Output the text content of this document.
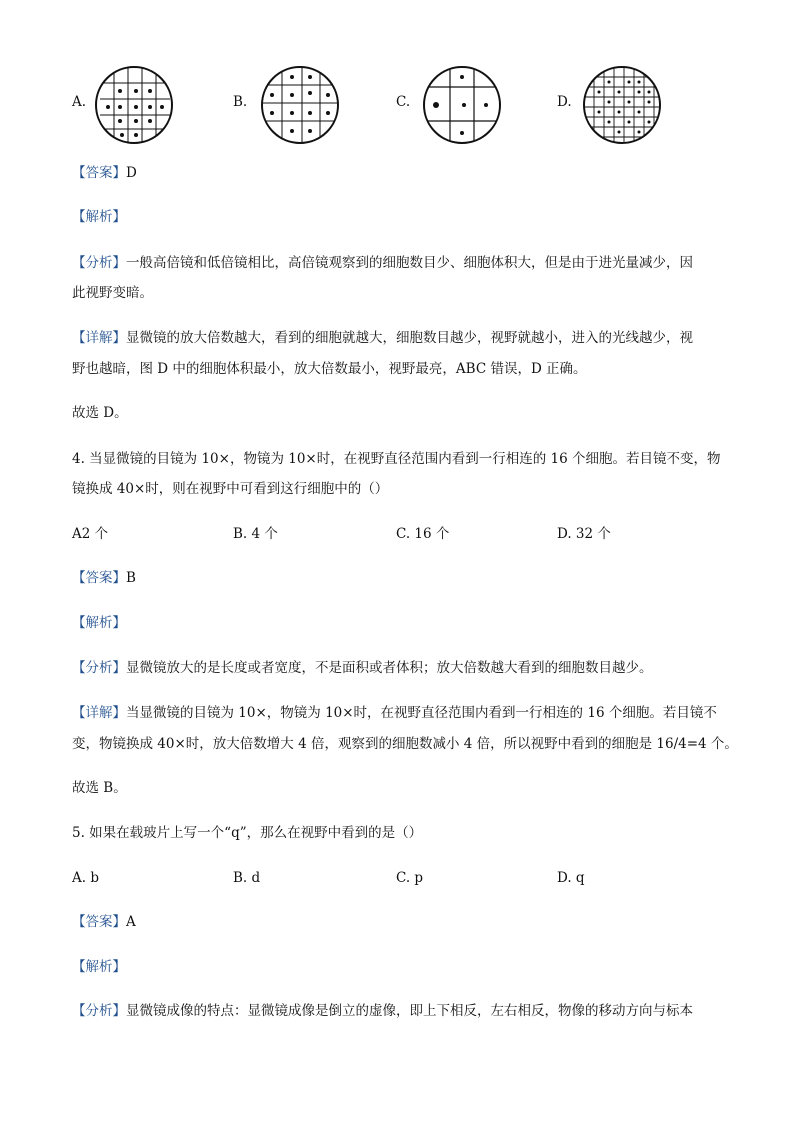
A.	B.	C.	D.
【答案】D
【解析】
【分析】一般高倍镜和低倍镜相比，高倍镜观察到的细胞数目少、细胞体积大，但是由于进光量减少，因
此视野变暗。
【详解】显微镜的放大倍数越大，看到的细胞就越大，细胞数目越少，视野就越小，进入的光线越少，视
野也越暗，图 D 中的细胞体积最小，放大倍数最小，视野最亮，ABC 错误，D 正确。
故选 D。
4. 当显微镜的目镜为 10×，物镜为 10×时，在视野直径范围内看到一行相连的 16 个细胞。若目镜不变，物
镜换成 40×时，则在视野中可看到这行细胞中的（）
A2 个	B. 4 个	C. 16 个	D. 32 个
【答案】B
【解析】
【分析】显微镜放大的是长度或者宽度，不是面积或者体积；放大倍数越大看到的细胞数目越少。
【详解】当显微镜的目镜为 10×，物镜为 10×时，在视野直径范围内看到一行相连的 16 个细胞。若目镜不
变，物镜换成 40×时，放大倍数增大 4 倍，观察到的细胞数减小 4 倍，所以视野中看到的细胞是 16/4=4 个。
故选 B。
5. 如果在载玻片上写一个“q”，那么在视野中看到的是（）
A. b	B. d	C. p	D. q
【答案】A
【解析】
【分析】显微镜成像的特点：显微镜成像是倒立的虚像，即上下相反，左右相反，物像的移动方向与标本
